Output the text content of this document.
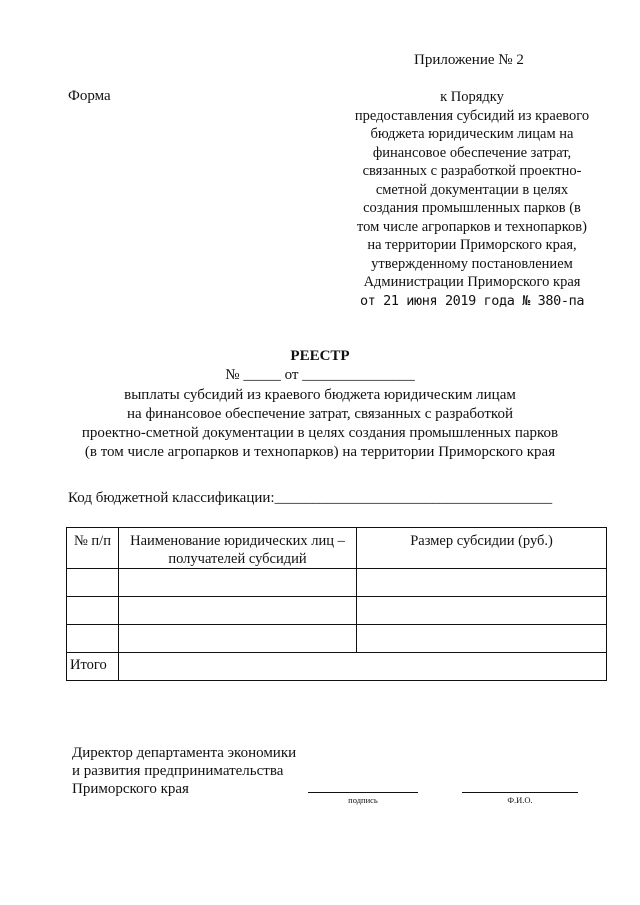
Приложение № 2
Форма	к Порядку
предоставления субсидий из краевого
бюджета юридическим лицам на
финансовое обеспечение затрат,
связанных с разработкой проектно-
сметной документации в целях
создания промышленных парков (в
том числе агропарков и технопарков)
на территории Приморского края,
утвержденному постановлением
Администрации Приморского края
от 21 июня 2019 года № 380-па
РЕЕСТР
№ _____ от _______________
выплаты субсидий из краевого бюджета юридическим лицам
на финансовое обеспечение затрат, связанных с разработкой
проектно-сметной документации в целях создания промышленных парков
(в том числе агропарков и технопарков) на территории Приморского края
Код бюджетной классификации:_____________________________________
№ п/п	Наименование юридических лиц – получателей субсидий	Размер субсидии (руб.)

Итого		
Директор департамента экономики
и развития предпринимательства
Приморского края
подпись	Ф.И.О.
